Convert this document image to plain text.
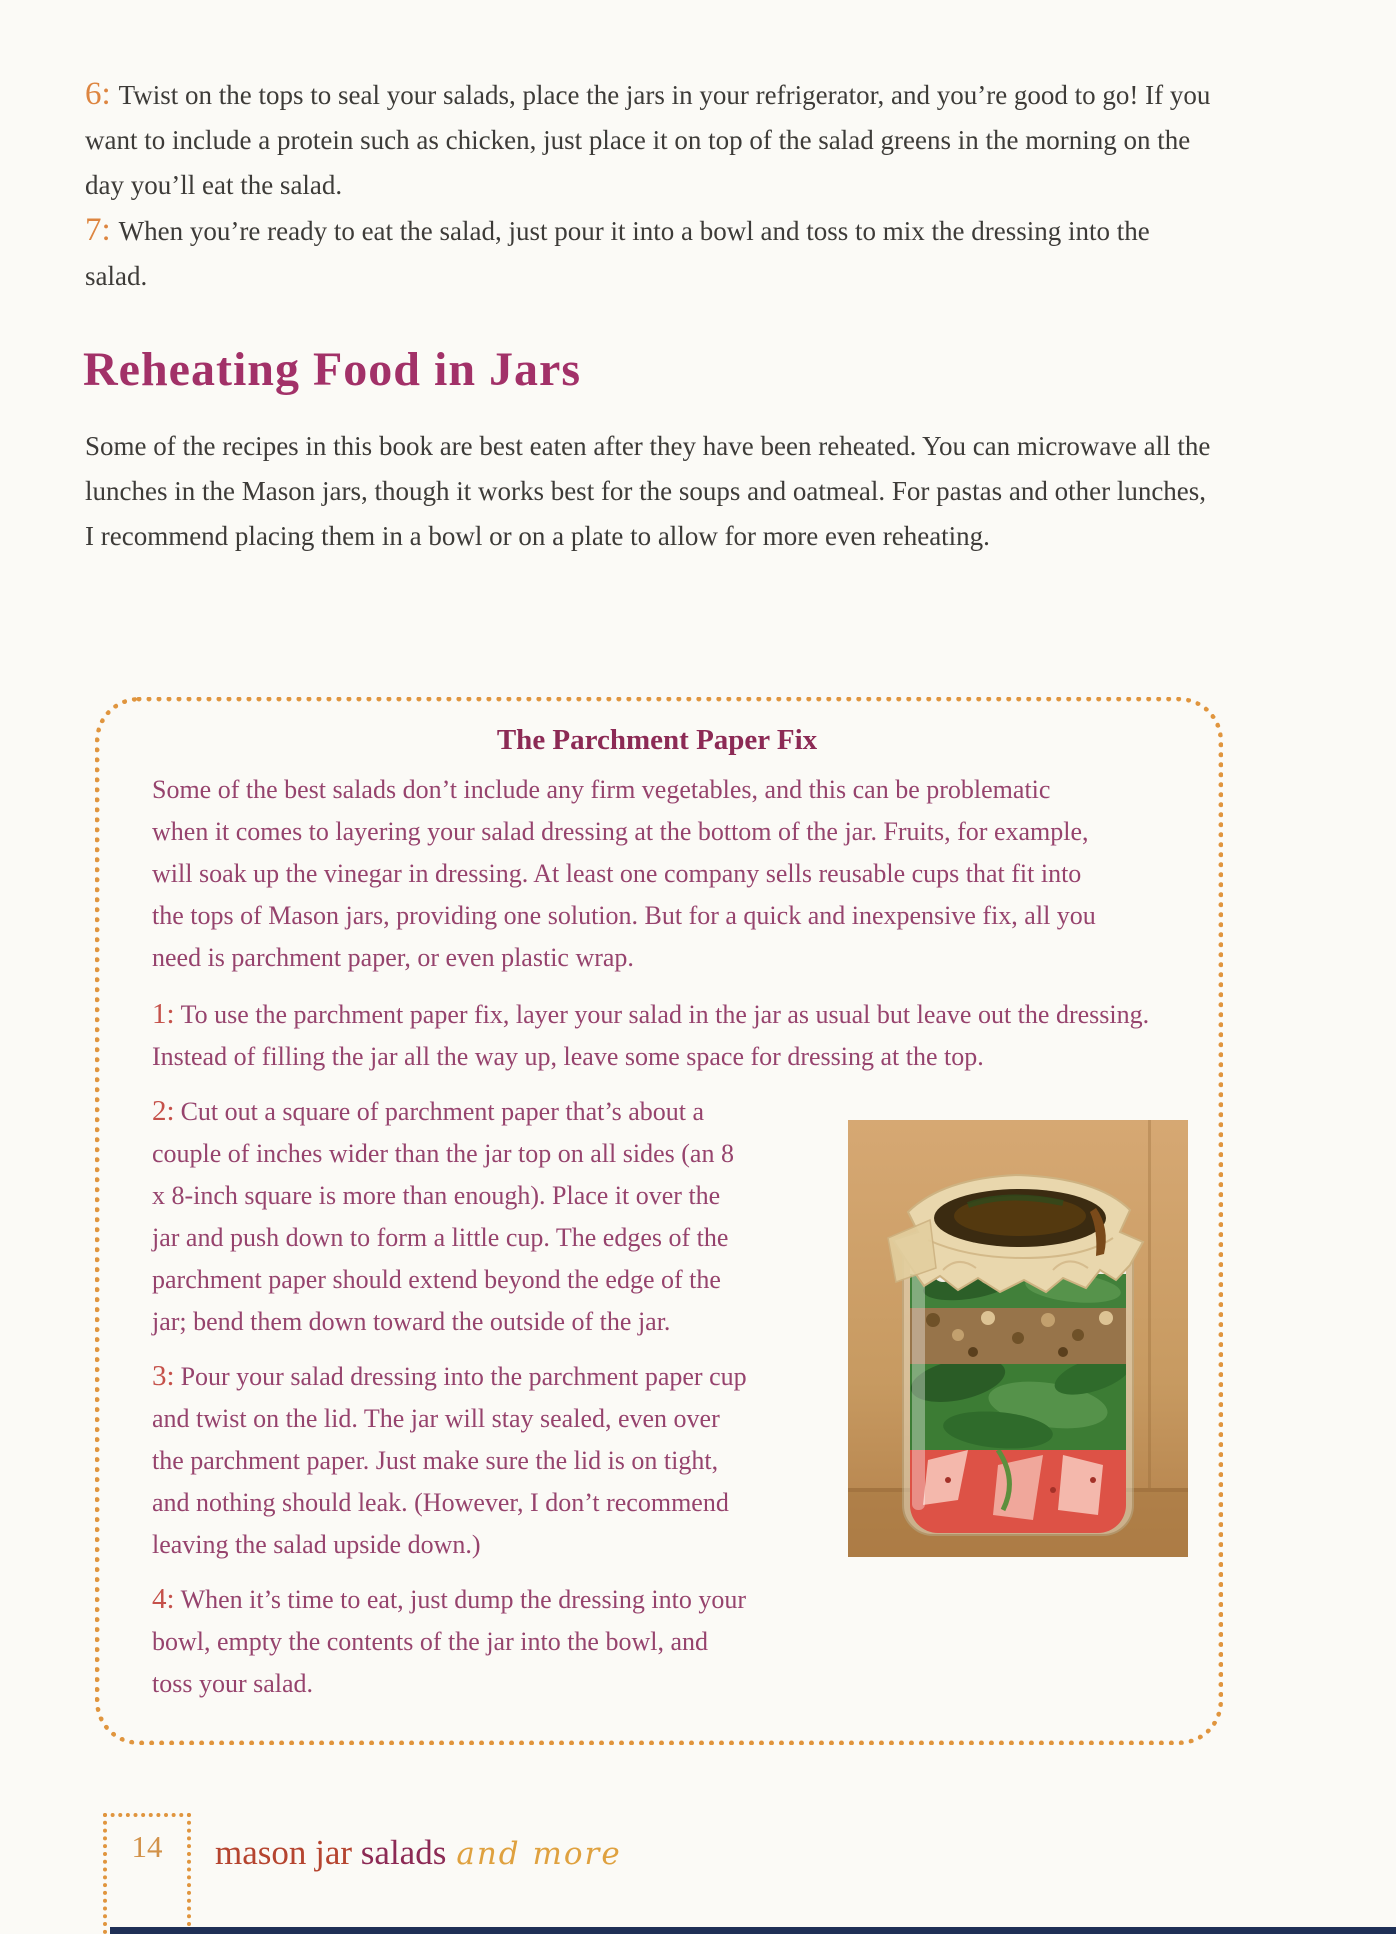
6: Twist on the tops to seal your salads, place the jars in your refrigerator, and you’re good to go! If you want to include a protein such as chicken, just place it on top of the salad greens in the morning on the day you’ll eat the salad.

7: When you’re ready to eat the salad, just pour it into a bowl and toss to mix the dressing into the salad.

Reheating Food in Jars

Some of the recipes in this book are best eaten after they have been reheated. You can microwave all the lunches in the Mason jars, though it works best for the soups and oatmeal. For pastas and other lunches, I recommend placing them in a bowl or on a plate to allow for more even reheating.

The Parchment Paper Fix

Some of the best salads don’t include any firm vegetables, and this can be problematic when it comes to layering your salad dressing at the bottom of the jar. Fruits, for example, will soak up the vinegar in dressing. At least one company sells reusable cups that fit into the tops of Mason jars, providing one solution. But for a quick and inexpensive fix, all you need is parchment paper, or even plastic wrap.

1: To use the parchment paper fix, layer your salad in the jar as usual but leave out the dressing. Instead of filling the jar all the way up, leave some space for dressing at the top.

2: Cut out a square of parchment paper that’s about a couple of inches wider than the jar top on all sides (an 8 x 8-inch square is more than enough). Place it over the jar and push down to form a little cup. The edges of the parchment paper should extend beyond the edge of the jar; bend them down toward the outside of the jar.

3: Pour your salad dressing into the parchment paper cup and twist on the lid. The jar will stay sealed, even over the parchment paper. Just make sure the lid is on tight, and nothing should leak. (However, I don’t recommend leaving the salad upside down.)

4: When it’s time to eat, just dump the dressing into your bowl, empty the contents of the jar into the bowl, and toss your salad.

14	mason jar salads and more
